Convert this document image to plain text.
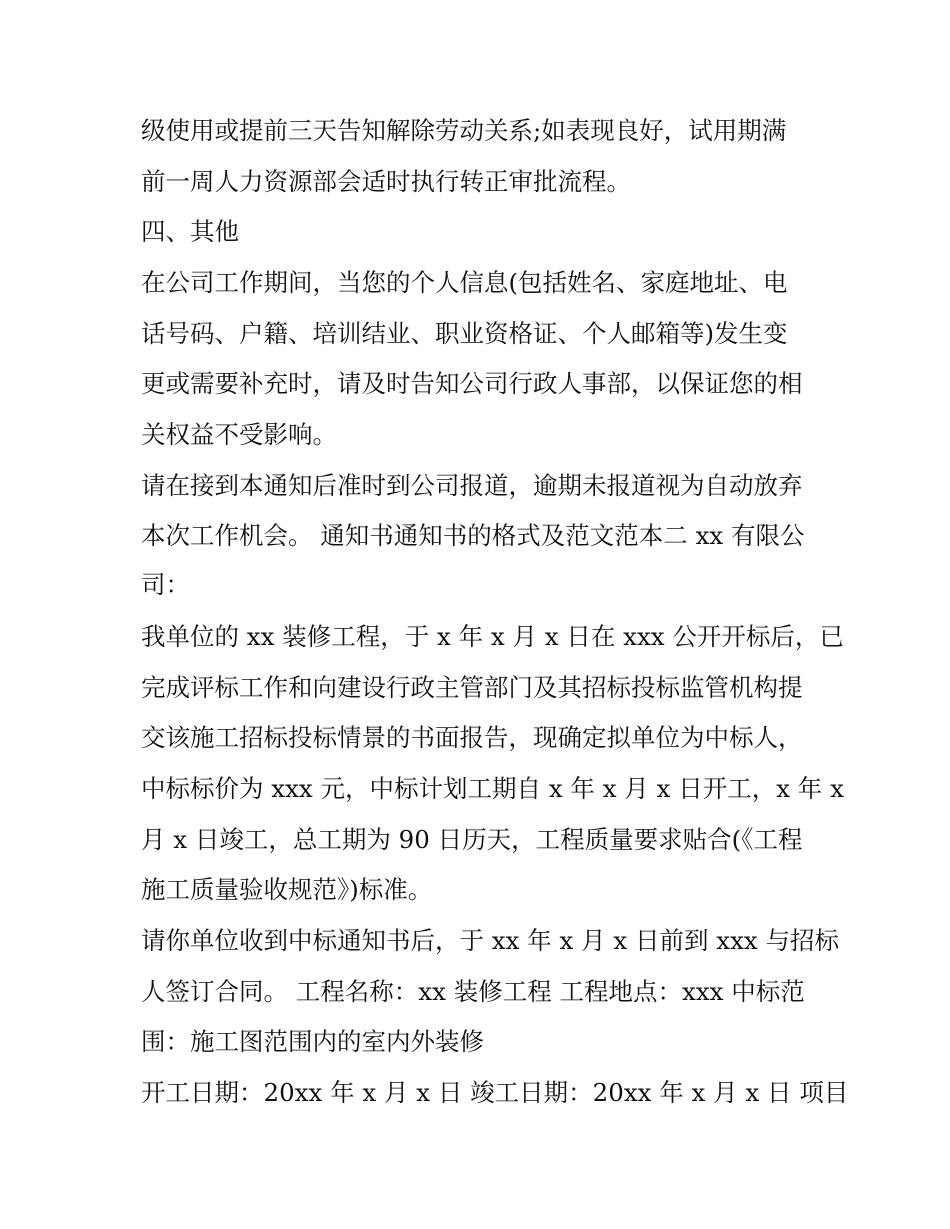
级使用或提前三天告知解除劳动关系;如表现良好，试用期满
前一周人力资源部会适时执行转正审批流程。
四、其他
在公司工作期间，当您的个人信息(包括姓名、家庭地址、电
话号码、户籍、培训结业、职业资格证、个人邮箱等)发生变
更或需要补充时，请及时告知公司行政人事部，以保证您的相
关权益不受影响。
请在接到本通知后准时到公司报道，逾期未报道视为自动放弃
本次工作机会。 通知书通知书的格式及范文范本二 xx 有限公
司：
我单位的 xx 装修工程，于 x 年 x 月 x 日在 xxx 公开开标后，已
完成评标工作和向建设行政主管部门及其招标投标监管机构提
交该施工招标投标情景的书面报告，现确定拟单位为中标人，
中标标价为 xxx 元，中标计划工期自 x 年 x 月 x 日开工，x 年 x
月 x 日竣工，总工期为 90 日历天，工程质量要求贴合(《工程
施工质量验收规范》)标准。
请你单位收到中标通知书后，于 xx 年 x 月 x 日前到 xxx 与招标
人签订合同。 工程名称：xx 装修工程 工程地点：xxx 中标范
围：施工图范围内的室内外装修
开工日期：20xx 年 x 月 x 日 竣工日期：20xx 年 x 月 x 日 项目
